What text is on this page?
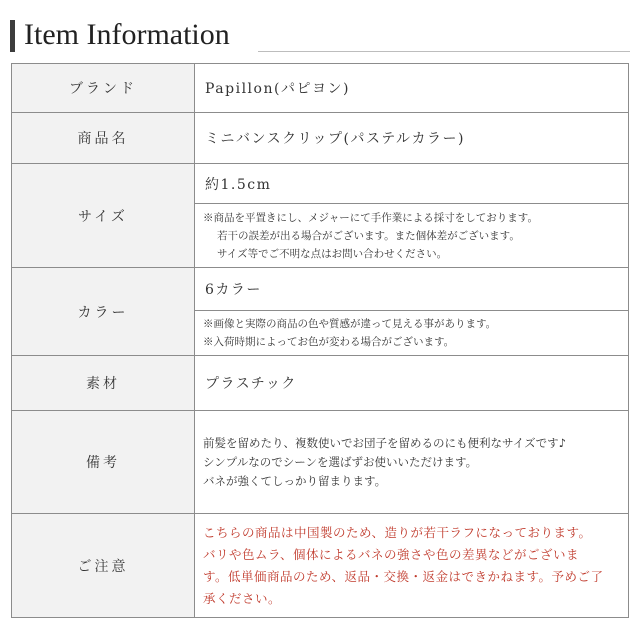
Item Information
ブランド	Papillon(パピヨン)
商品名	ミニバンスクリップ(パステルカラー)
サイズ	約1.5cm

	※商品を平置きにし、メジャーにて手作業による採寸をしております。
若干の誤差が出る場合がございます。また個体差がございます。
サイズ等でご不明な点はお問い合わせください。

カラー	6カラー

	※画像と実際の商品の色や質感が違って見える事があります。
※入荷時期によってお色が変わる場合がございます。

素材	プラスチック
備考	前髪を留めたり、複数使いでお団子を留めるのにも便利なサイズです♪
シンプルなのでシーンを選ばずお使いいただけます。
バネが強くてしっかり留まります。

ご注意	こちらの商品は中国製のため、造りが若干ラフになっております。
バリや色ムラ、個体によるバネの強さや色の差異などがございま
す。低単価商品のため、返品・交換・返金はできかねます。予めご了
承ください。
